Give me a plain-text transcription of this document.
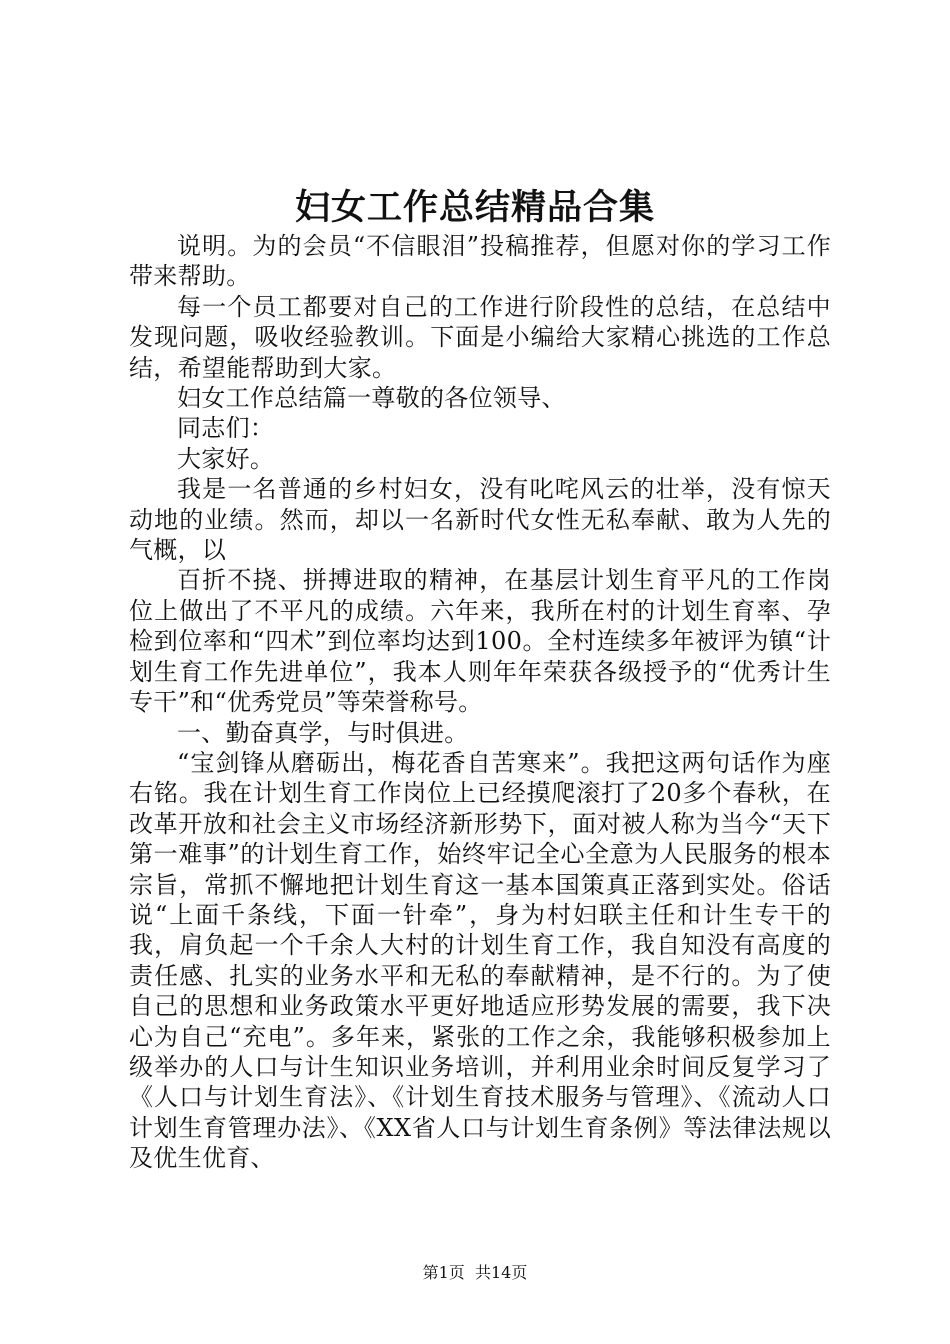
妇女工作总结精品合集

说明。为的会员“不信眼泪”投稿推荐，但愿对你的学习工作带来帮助。

每一个员工都要对自己的工作进行阶段性的总结，在总结中发现问题，吸收经验教训。下面是小编给大家精心挑选的工作总结，希望能帮助到大家。

妇女工作总结篇一尊敬的各位领导、

同志们：

大家好。

我是一名普通的乡村妇女，没有叱咤风云的壮举，没有惊天动地的业绩。然而，却以一名新时代女性无私奉献、敢为人先的气概，以

百折不挠、拼搏进取的精神，在基层计划生育平凡的工作岗位上做出了不平凡的成绩。六年来，我所在村的计划生育率、孕检到位率和“四术”到位率均达到100。全村连续多年被评为镇“计划生育工作先进单位”，我本人则年年荣获各级授予的“优秀计生专干”和“优秀党员”等荣誉称号。

一、勤奋真学，与时俱进。

“宝剑锋从磨砺出，梅花香自苦寒来”。我把这两句话作为座右铭。我在计划生育工作岗位上已经摸爬滚打了20多个春秋，在改革开放和社会主义市场经济新形势下，面对被人称为当今“天下第一难事”的计划生育工作，始终牢记全心全意为人民服务的根本宗旨，常抓不懈地把计划生育这一基本国策真正落到实处。俗话说“上面千条线，下面一针牵”，身为村妇联主任和计生专干的我，肩负起一个千余人大村的计划生育工作，我自知没有高度的责任感、扎实的业务水平和无私的奉献精神，是不行的。为了使自己的思想和业务政策水平更好地适应形势发展的需要，我下决心为自己“充电”。多年来，紧张的工作之余，我能够积极参加上级举办的人口与计生知识业务培训，并利用业余时间反复学习了《人口与计划生育法》、《计划生育技术服务与管理》、《流动人口计划生育管理办法》、《XX省人口与计划生育条例》等法律法规以及优生优育、

第1页 共14页
